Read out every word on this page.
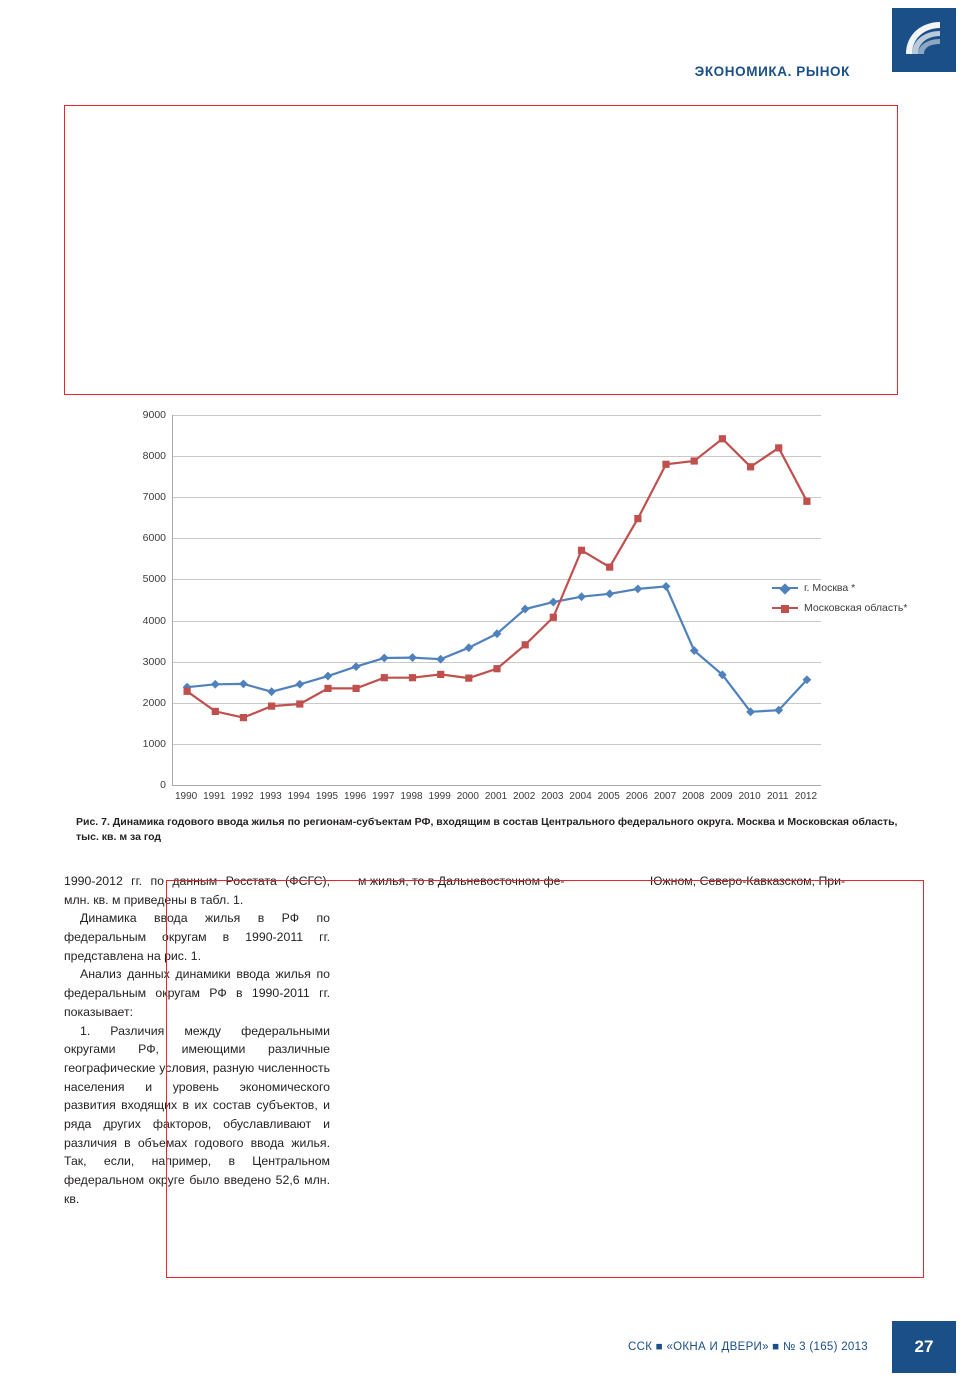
ЭКОНОМИКА. РЫНОК
0
1000
2000
3000
4000
5000
6000
7000
8000
9000
1990 1991 1992 1993 1994 1995 1996 1997 1998 1999 2000 2001 2002 2003 2004 2005 2006 2007 2008 2009 2010 2011 2012
г. Москва *
Московская область*
Рис. 7. Динамика годового ввода жилья по регионам-субъектам РФ, входящим в состав Центрального федерального округа. Москва и Московская область, тыс. кв. м за год

1990-2012 гг. по данным Росстата (ФСГС), млн. кв. м приведены в табл. 1.

Динамика ввода жилья в РФ по федеральным округам в 1990-2011 гг. представлена на рис. 1.

Анализ данных динамики ввода жилья по федеральным округам РФ в 1990-2011 гг. показывает:

1. Различия между федеральными округами РФ, имеющими различные географические условия, разную численность населения и уровень экономического развития входящих в их состав субъектов, и ряда других факторов, обуславливают и различия в объемах годового ввода жилья. Так, если, например, в Центральном федеральном округе было введено 52,6 млн. кв.

м жилья, то в Дальневосточном фе-	Южном, Северо-Кавказском, При-

ССК ■ «ОКНА И ДВЕРИ» ■ № 3 (165) 2013	27
